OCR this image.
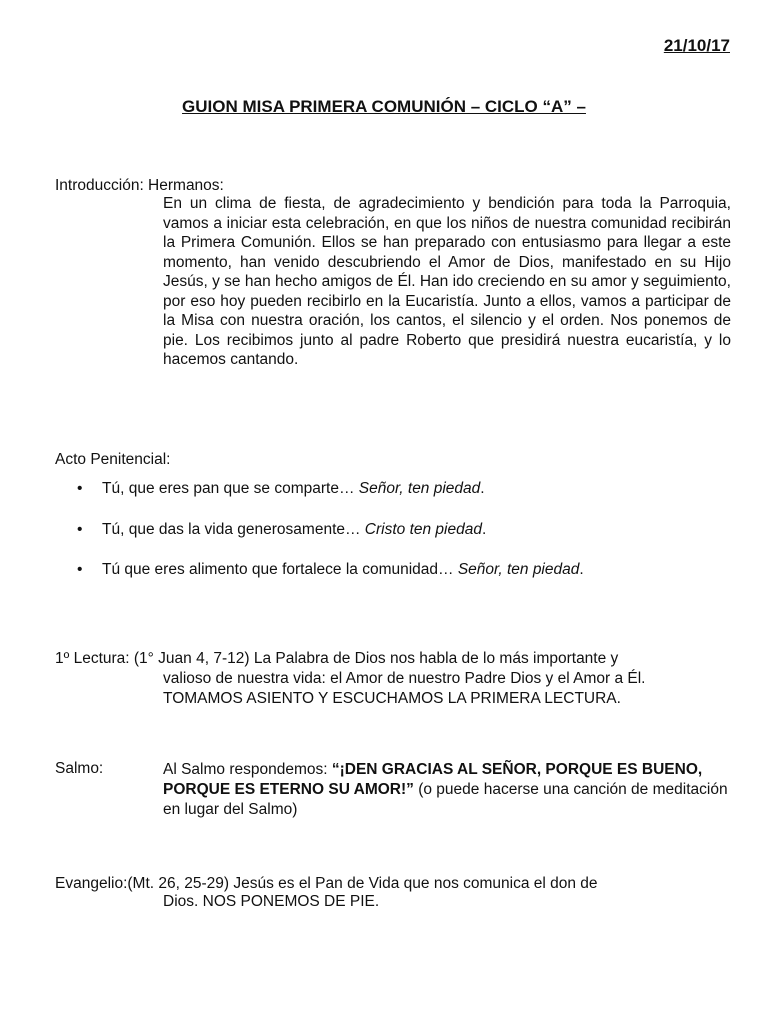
21/10/17
GUION MISA PRIMERA COMUNIÓN – CICLO “A” –
Introducción: Hermanos:
En un clima de fiesta, de agradecimiento y bendición para toda la Parroquia, vamos a iniciar esta celebración, en que los niños de nuestra comunidad recibirán la Primera Comunión. Ellos se han preparado con entusiasmo para llegar a este momento, han venido descubriendo el Amor de Dios, manifestado en su Hijo Jesús, y se han hecho amigos de Él. Han ido creciendo en su amor y seguimiento, por eso hoy pueden recibirlo en la Eucaristía. Junto a ellos, vamos a participar de la Misa con nuestra oración, los cantos, el silencio y el orden. Nos ponemos de pie. Los recibimos junto al padre Roberto que presidirá nuestra eucaristía, y lo hacemos cantando.
Acto Penitencial:
• Tú, que eres pan que se comparte… Señor, ten piedad.
• Tú, que das la vida generosamente… Cristo ten piedad.
• Tú que eres alimento que fortalece la comunidad… Señor, ten piedad.
1º Lectura: (1° Juan 4, 7-12) La Palabra de Dios nos habla de lo más importante y
valioso de nuestra vida: el Amor de nuestro Padre Dios y el Amor a Él.
TOMAMOS ASIENTO Y ESCUCHAMOS LA PRIMERA LECTURA.
Salmo:	Al Salmo respondemos: “¡DEN GRACIAS AL SEÑOR, PORQUE ES BUENO, PORQUE ES ETERNO SU AMOR!” (o puede hacerse una canción de meditación en lugar del Salmo)
Evangelio:(Mt. 26, 25-29) Jesús es el Pan de Vida que nos comunica el don de
Dios. NOS PONEMOS DE PIE.
